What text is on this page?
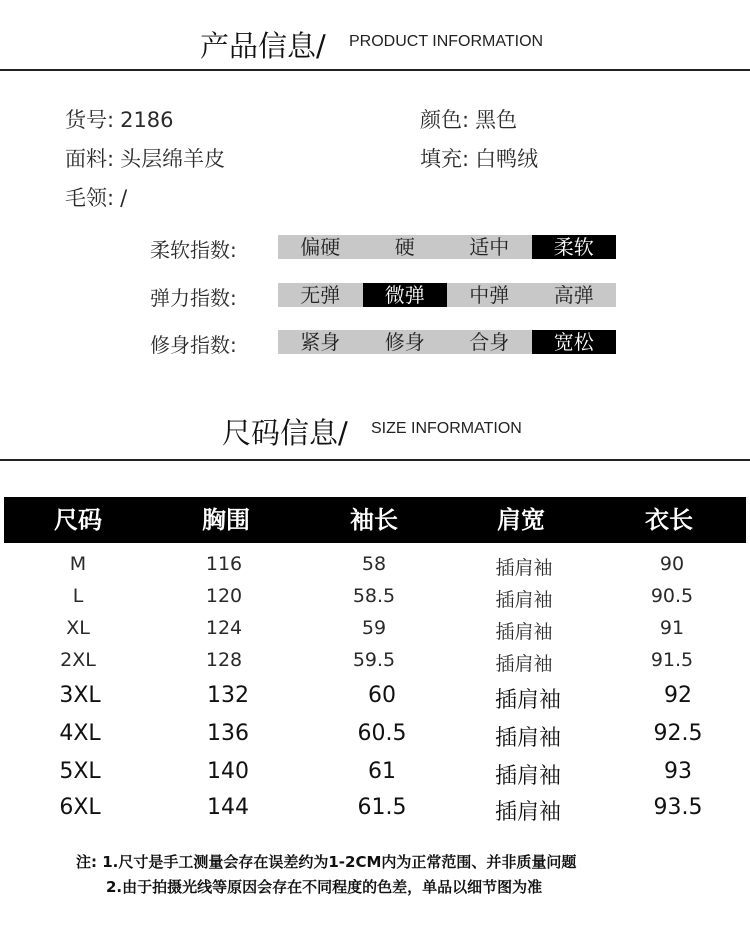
产品信息/ PRODUCT INFORMATION
货号: 2186	颜色: 黑色
面料: 头层绵羊皮	填充: 白鸭绒
毛领: /
柔软指数:	偏硬	硬	适中	柔软
弹力指数:	无弹	微弹	中弹	高弹
修身指数:	紧身	修身	合身	宽松
尺码信息/ SIZE INFORMATION
尺码	胸围	袖长	肩宽	衣长
M	116	58	插肩袖	90
L	120	58.5	插肩袖	90.5
XL	124	59	插肩袖	91
2XL	128	59.5	插肩袖	91.5
3XL	132	60	插肩袖	92
4XL	136	60.5	插肩袖	92.5
5XL	140	61	插肩袖	93
6XL	144	61.5	插肩袖	93.5
注: 1.尺寸是手工测量会存在误差约为1-2CM内为正常范围、并非质量问题
2.由于拍摄光线等原因会存在不同程度的色差，单品以细节图为准
